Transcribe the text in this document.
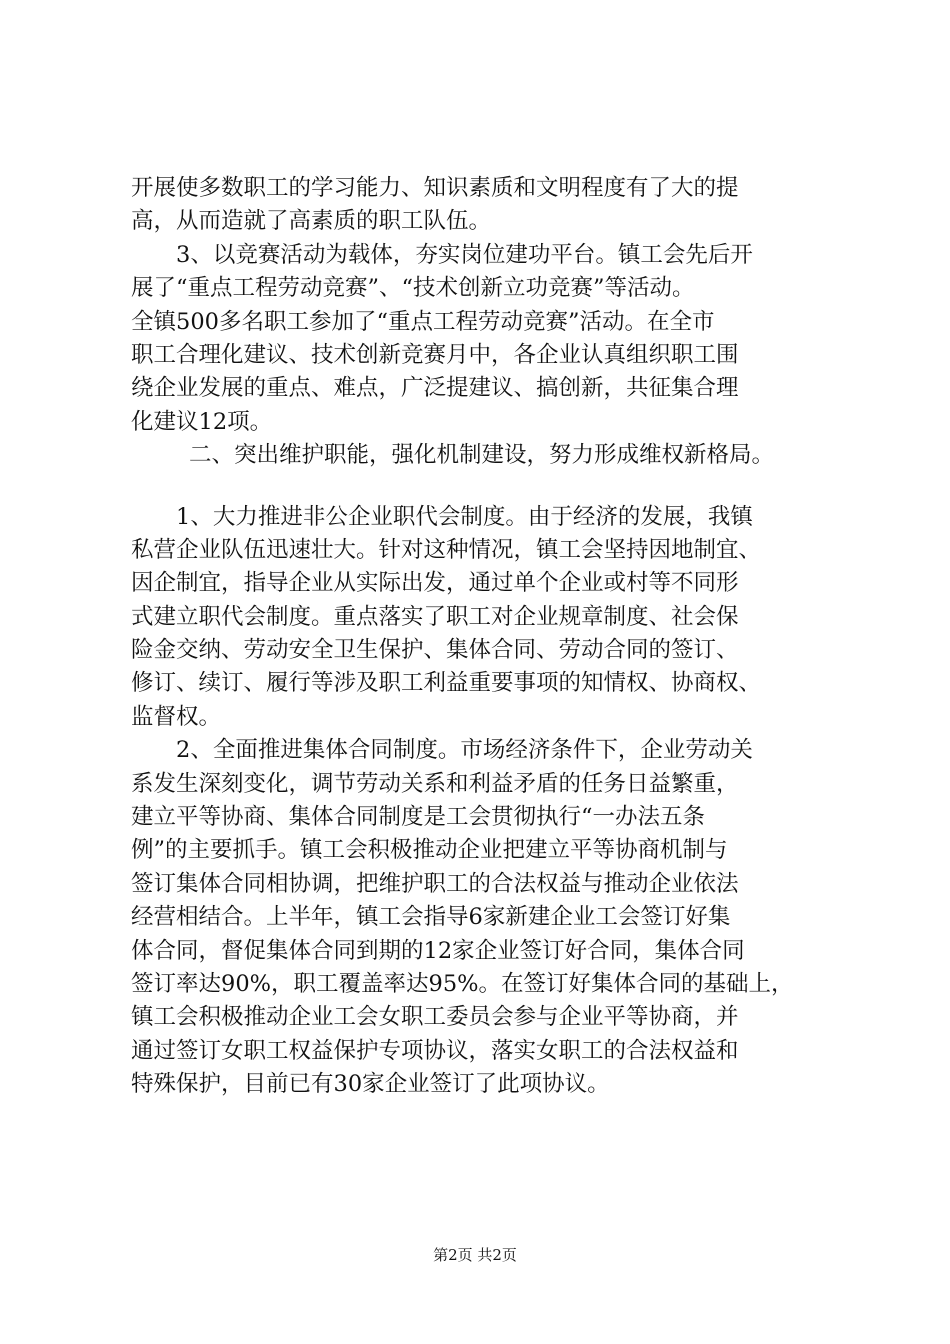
开展使多数职工的学习能力、知识素质和文明程度有了大的提
高，从而造就了高素质的职工队伍。
3、以竞赛活动为载体，夯实岗位建功平台。镇工会先后开
展了“重点工程劳动竞赛”、“技术创新立功竞赛”等活动。
全镇500多名职工参加了“重点工程劳动竞赛”活动。在全市
职工合理化建议、技术创新竞赛月中，各企业认真组织职工围
绕企业发展的重点、难点，广泛提建议、搞创新，共征集合理
化建议12项。
二、突出维护职能，强化机制建设，努力形成维权新格局。
1、大力推进非公企业职代会制度。由于经济的发展，我镇
私营企业队伍迅速壮大。针对这种情况，镇工会坚持因地制宜、
因企制宜，指导企业从实际出发，通过单个企业或村等不同形
式建立职代会制度。重点落实了职工对企业规章制度、社会保
险金交纳、劳动安全卫生保护、集体合同、劳动合同的签订、
修订、续订、履行等涉及职工利益重要事项的知情权、协商权、
监督权。
2、全面推进集体合同制度。市场经济条件下，企业劳动关
系发生深刻变化，调节劳动关系和利益矛盾的任务日益繁重，
建立平等协商、集体合同制度是工会贯彻执行“一办法五条
例”的主要抓手。镇工会积极推动企业把建立平等协商机制与
签订集体合同相协调，把维护职工的合法权益与推动企业依法
经营相结合。上半年，镇工会指导6家新建企业工会签订好集
体合同，督促集体合同到期的12家企业签订好合同，集体合同
签订率达90%，职工覆盖率达95%。在签订好集体合同的基础上，
镇工会积极推动企业工会女职工委员会参与企业平等协商，并
通过签订女职工权益保护专项协议，落实女职工的合法权益和
特殊保护，目前已有30家企业签订了此项协议。
第2页 共2页
